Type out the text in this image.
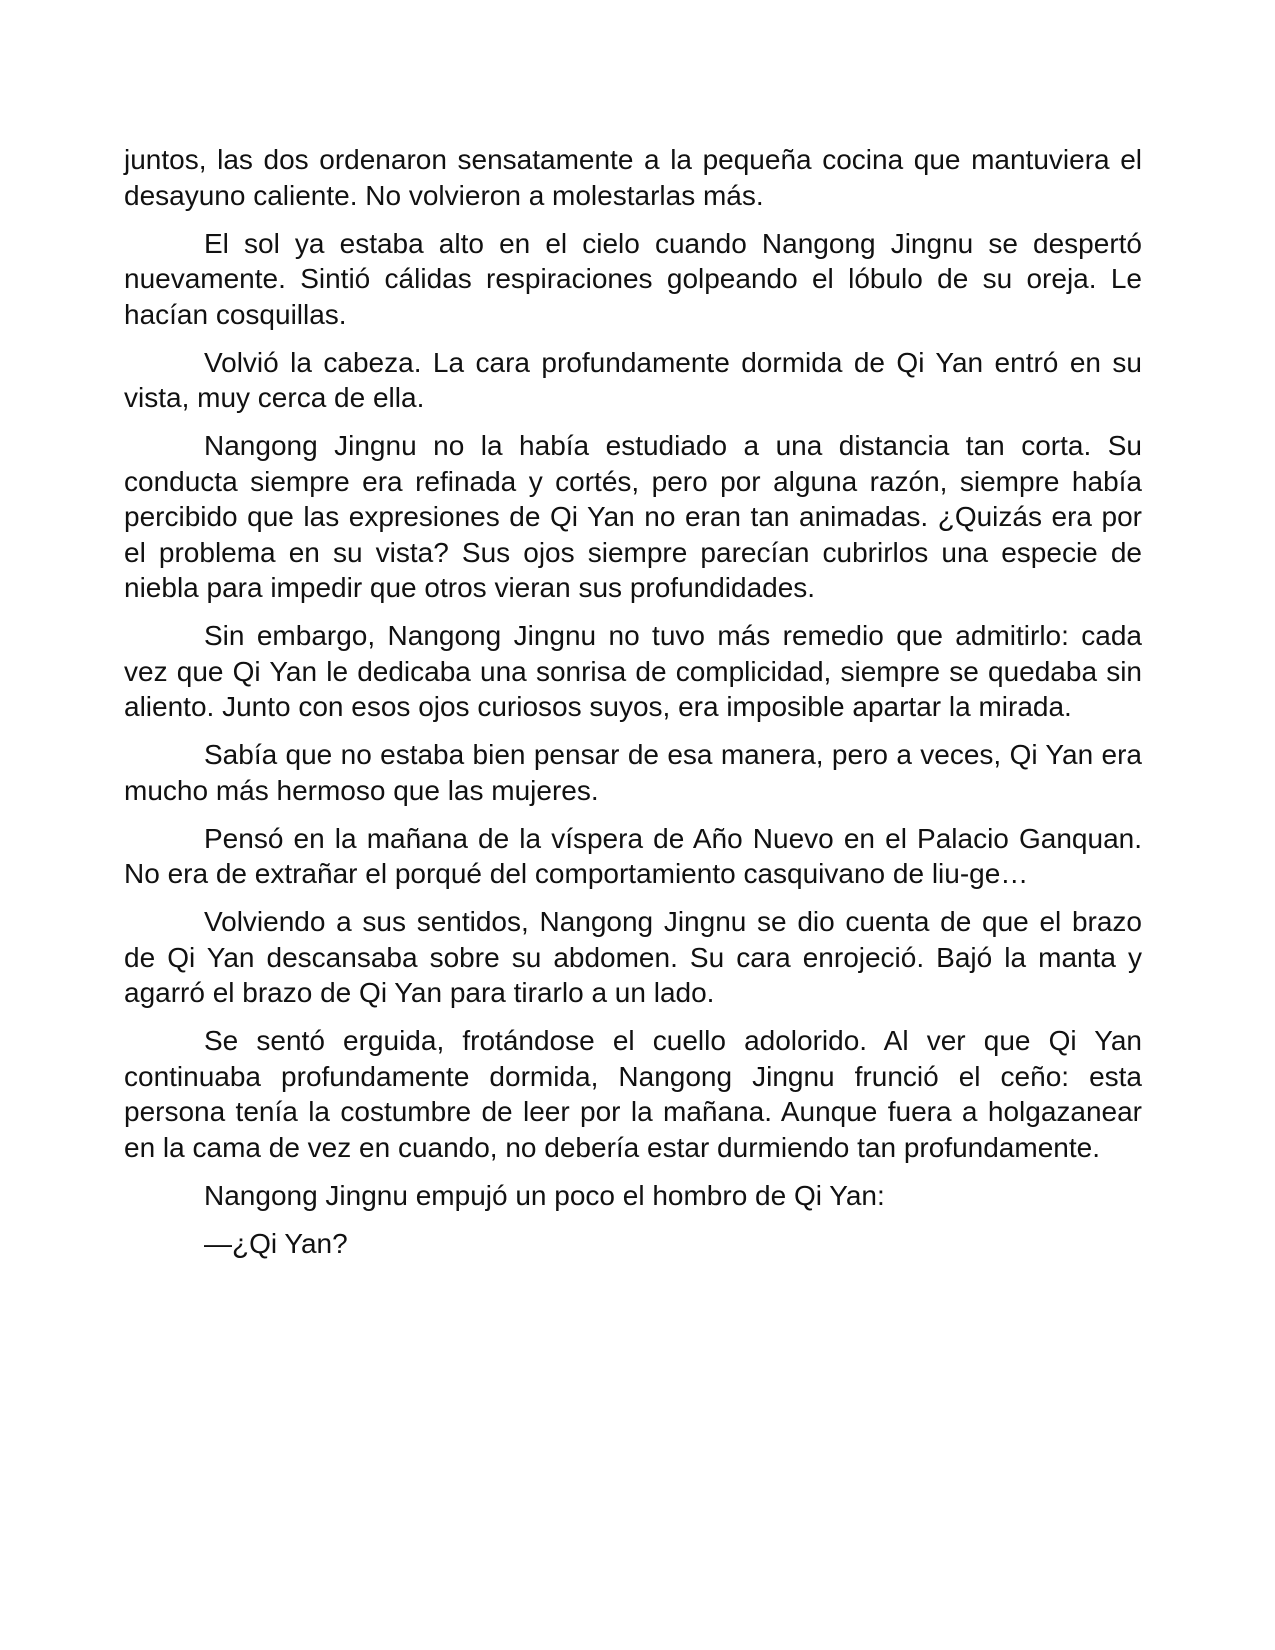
juntos, las dos ordenaron sensatamente a la pequeña cocina que mantuviera el desayuno caliente. No volvieron a molestarlas más.

El sol ya estaba alto en el cielo cuando Nangong Jingnu se despertó nuevamente. Sintió cálidas respiraciones golpeando el lóbulo de su oreja. Le hacían cosquillas.

Volvió la cabeza. La cara profundamente dormida de Qi Yan entró en su vista, muy cerca de ella.

Nangong Jingnu no la había estudiado a una distancia tan corta. Su conducta siempre era refinada y cortés, pero por alguna razón, siempre había percibido que las expresiones de Qi Yan no eran tan animadas. ¿Quizás era por el problema en su vista? Sus ojos siempre parecían cubrirlos una especie de niebla para impedir que otros vieran sus profundidades.

Sin embargo, Nangong Jingnu no tuvo más remedio que admitirlo: cada vez que Qi Yan le dedicaba una sonrisa de complicidad, siempre se quedaba sin aliento. Junto con esos ojos curiosos suyos, era imposible apartar la mirada.

Sabía que no estaba bien pensar de esa manera, pero a veces, Qi Yan era mucho más hermoso que las mujeres.

Pensó en la mañana de la víspera de Año Nuevo en el Palacio Ganquan. No era de extrañar el porqué del comportamiento casquivano de liu-ge…

Volviendo a sus sentidos, Nangong Jingnu se dio cuenta de que el brazo de Qi Yan descansaba sobre su abdomen. Su cara enrojeció. Bajó la manta y agarró el brazo de Qi Yan para tirarlo a un lado.

Se sentó erguida, frotándose el cuello adolorido. Al ver que Qi Yan continuaba profundamente dormida, Nangong Jingnu frunció el ceño: esta persona tenía la costumbre de leer por la mañana. Aunque fuera a holgazanear en la cama de vez en cuando, no debería estar durmiendo tan profundamente.

Nangong Jingnu empujó un poco el hombro de Qi Yan:

—¿Qi Yan?
